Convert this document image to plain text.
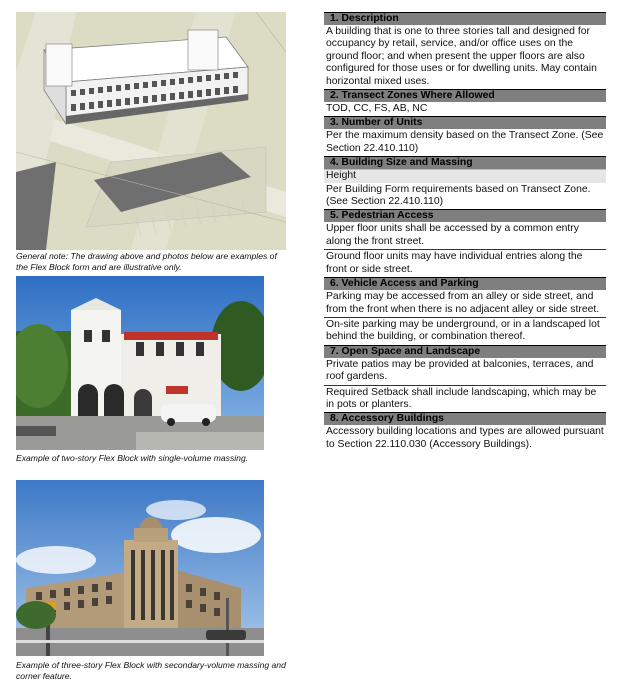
General note: The drawing above and photos below are examples of the Flex Block form and are illustrative only.
Example of two-story Flex Block with single-volume massing.
Example of three-story Flex Block with secondary-volume massing and corner feature.
1. Description
A building that is one to three stories tall and designed for occupancy by retail, service, and/or office uses on the ground floor; and when present the upper floors are also configured for those uses or for dwelling units. May contain horizontal mixed uses.
2. Transect Zones Where Allowed
TOD, CC, FS, AB, NC
3. Number of Units
Per the maximum density based on the Transect Zone. (See Section 22.410.110)
4. Building Size and Massing
Height
Per Building Form requirements based on Transect Zone. (See Section 22.410.110)
5. Pedestrian Access
Upper floor units shall be accessed by a common entry along the front street.
Ground floor units may have individual entries along the front or side street.
6. Vehicle Access and Parking
Parking may be accessed from an alley or side street, and from the front when there is no adjacent alley or side street.
On-site parking may be underground, or in a landscaped lot behind the building, or combination thereof.
7. Open Space and Landscape
Private patios may be provided at balconies, terraces, and roof gardens.
Required Setback shall include landscaping, which may be in pots or planters.
8. Accessory Buildings
Accessory building locations and types are allowed pursuant to Section 22.110.030 (Accessory Buildings).
